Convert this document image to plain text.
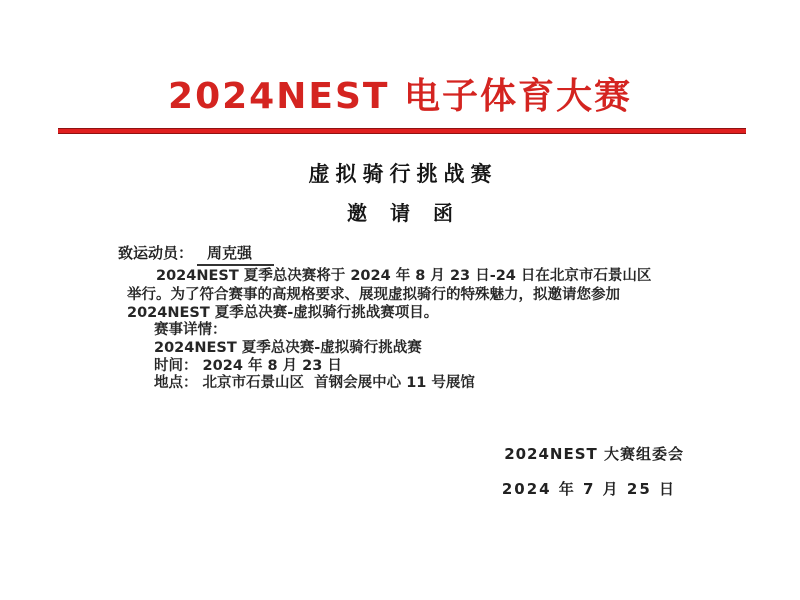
2024NEST 电子体育大赛
虚拟骑行挑战赛
邀 请 函
致运动员： 周克强
2024NEST 夏季总决赛将于 2024 年 8 月 23 日-24 日在北京市石景山区
举行。为了符合赛事的高规格要求、展现虚拟骑行的特殊魅力，拟邀请您参加
2024NEST 夏季总决赛-虚拟骑行挑战赛项目。
赛事详情：
2024NEST 夏季总决赛-虚拟骑行挑战赛
时间： 2024 年 8 月 23 日
地点： 北京市石景山区  首钢会展中心 11 号展馆
2024NEST 大赛组委会
2024 年 7 月 25 日
